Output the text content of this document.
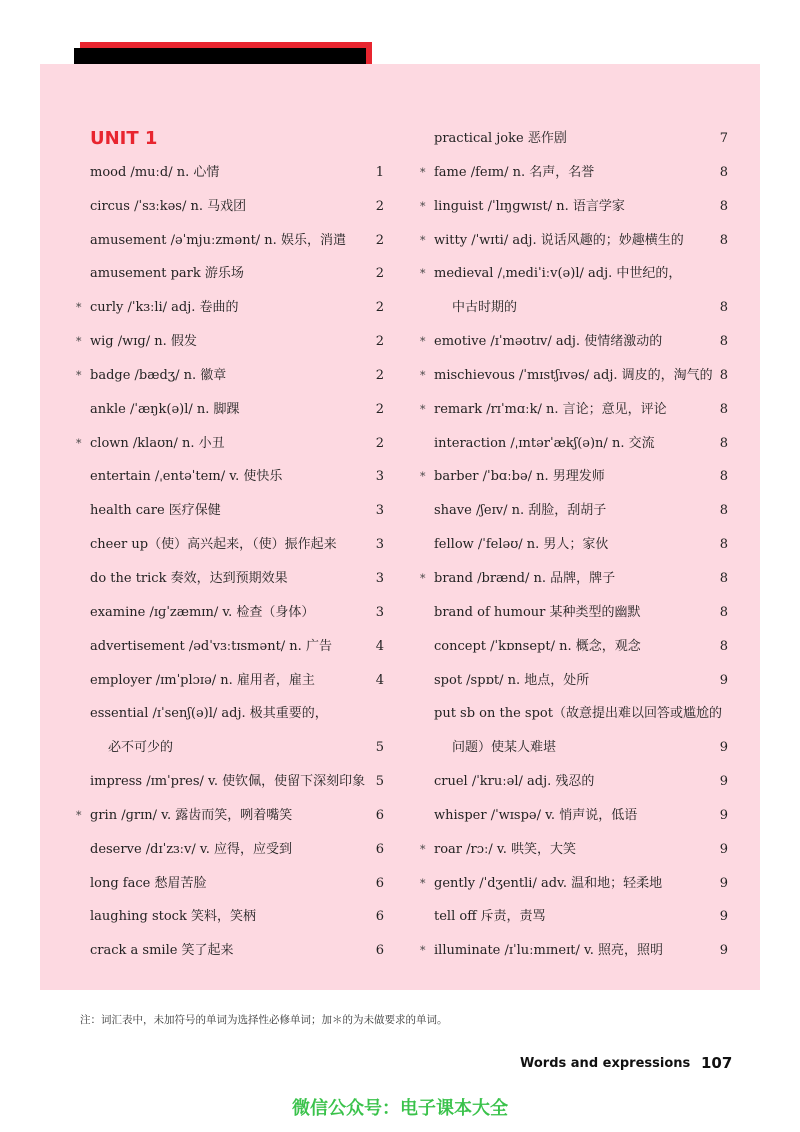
UNIT 1
mood /muːd/ n. 心情	1
circus /ˈsɜːkəs/ n. 马戏团	2
amusement /əˈmjuːzmənt/ n. 娱乐，消遣 2
amusement park 游乐场	2
* curly /ˈkɜːli/ adj. 卷曲的	2
* wig /wɪɡ/ n. 假发	2
* badge /bædʒ/ n. 徽章	2
ankle /ˈæŋk(ə)l/ n. 脚踝	2
* clown /klaʊn/ n. 小丑	2
entertain /ˌentəˈteɪn/ v. 使快乐	3
health care 医疗保健	3
cheer up（使）高兴起来，（使）振作起来	3
do the trick 奏效，达到预期效果	3
examine /ɪɡˈzæmɪn/ v. 检查（身体）	3
advertisement /ədˈvɜːtɪsmənt/ n. 广告	4
employer /ɪmˈplɔɪə/ n. 雇用者，雇主	4
essential /ɪˈsenʃ(ə)l/ adj. 极其重要的，
必不可少的	5
impress /ɪmˈpres/ v. 使钦佩，使留下深刻印象 5
* grin /ɡrɪn/ v. 露齿而笑，咧着嘴笑	6
deserve /dɪˈzɜːv/ v. 应得，应受到	6
long face 愁眉苦脸	6
laughing stock 笑料，笑柄	6
crack a smile 笑了起来	6
practical joke 恶作剧	7
* fame /feɪm/ n. 名声，名誉	8
* linguist /ˈlɪŋɡwɪst/ n. 语言学家	8
* witty /ˈwɪti/ adj. 说话风趣的；妙趣横生的	8
* medieval /ˌmediˈiːv(ə)l/ adj. 中世纪的，
中古时期的	8
* emotive /ɪˈməʊtɪv/ adj. 使情绪激动的	8
* mischievous /ˈmɪstʃɪvəs/ adj. 调皮的，淘气的 8
* remark /rɪˈmɑːk/ n. 言论；意见，评论	8
interaction /ˌɪntərˈækʃ(ə)n/ n. 交流	8
* barber /ˈbɑːbə/ n. 男理发师	8
shave /ʃeɪv/ n. 刮脸，刮胡子	8
fellow /ˈfeləʊ/ n. 男人；家伙	8
* brand /brænd/ n. 品牌，牌子	8
brand of humour 某种类型的幽默	8
concept /ˈkɒnsept/ n. 概念，观念	8
spot /spɒt/ n. 地点，处所	9
put sb on the spot（故意提出难以回答或尴尬的
问题）使某人难堪	9
cruel /ˈkruːəl/ adj. 残忍的	9
whisper /ˈwɪspə/ v. 悄声说，低语	9
* roar /rɔː/ v. 哄笑，大笑	9
* gently /ˈdʒentli/ adv. 温和地；轻柔地	9
tell off 斥责，责骂	9
* illuminate /ɪˈluːmɪneɪt/ v. 照亮，照明	9
注：词汇表中，未加符号的单词为选择性必修单词；加＊的为未做要求的单词。
Words and expressions 107
微信公众号：电子课本大全
